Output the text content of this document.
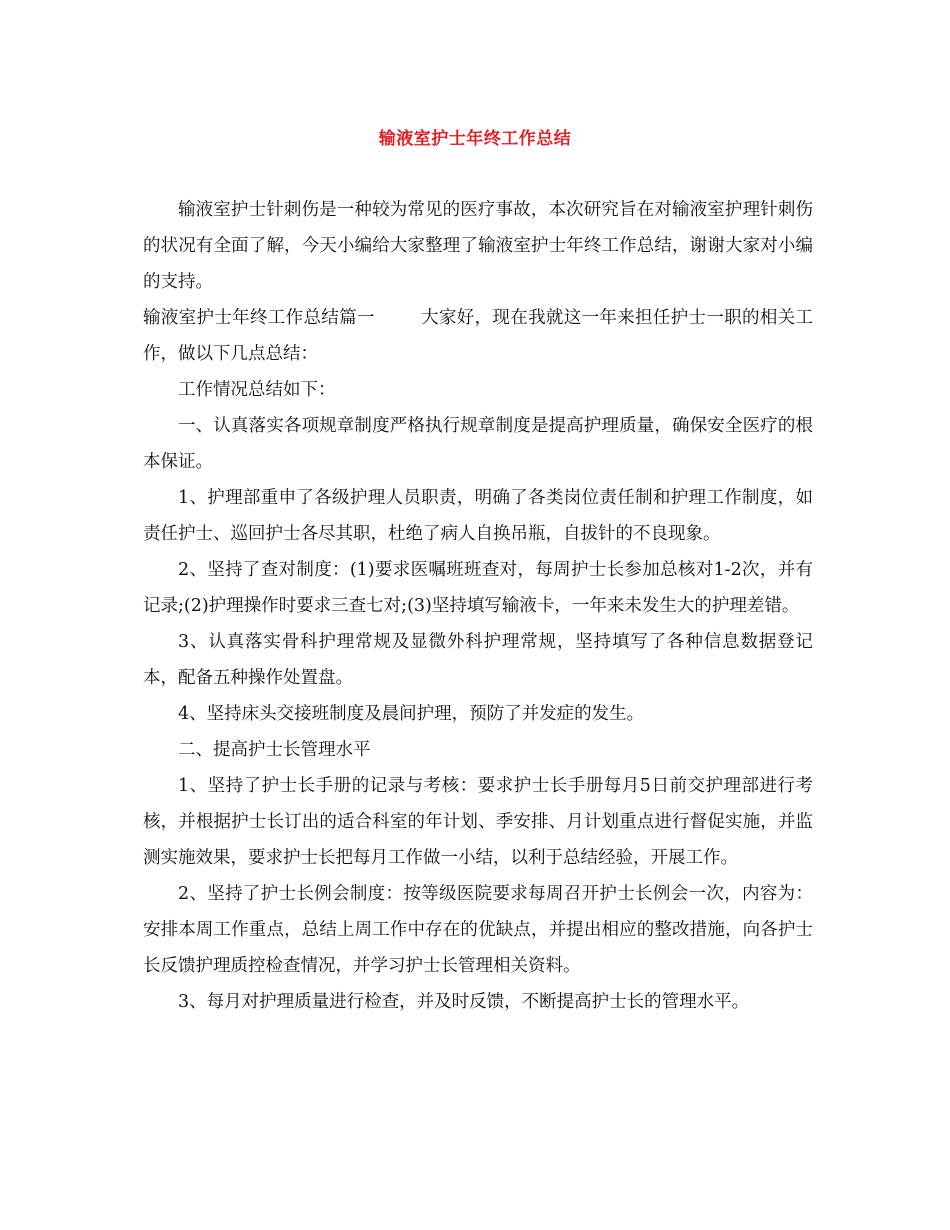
输液室护士年终工作总结

输液室护士针刺伤是一种较为常见的医疗事故，本次研究旨在对输液室护理针刺伤的状况有全面了解，今天小编给大家整理了输液室护士年终工作总结，谢谢大家对小编的支持。

输液室护士年终工作总结篇一	大家好，现在我就这一年来担任护士一职的相关工作，做以下几点总结：

工作情况总结如下：

一、认真落实各项规章制度严格执行规章制度是提高护理质量，确保安全医疗的根本保证。

1、护理部重申了各级护理人员职责，明确了各类岗位责任制和护理工作制度，如责任护士、巡回护士各尽其职，杜绝了病人自换吊瓶，自拔针的不良现象。

2、坚持了查对制度：(1)要求医嘱班班查对，每周护士长参加总核对1-2次，并有记录;(2)护理操作时要求三查七对;(3)坚持填写输液卡，一年来未发生大的护理差错。

3、认真落实骨科护理常规及显微外科护理常规，坚持填写了各种信息数据登记本，配备五种操作处置盘。

4、坚持床头交接班制度及晨间护理，预防了并发症的发生。

二、提高护士长管理水平

1、坚持了护士长手册的记录与考核：要求护士长手册每月5日前交护理部进行考核，并根据护士长订出的适合科室的年计划、季安排、月计划重点进行督促实施，并监测实施效果，要求护士长把每月工作做一小结，以利于总结经验，开展工作。

2、坚持了护士长例会制度：按等级医院要求每周召开护士长例会一次，内容为：安排本周工作重点，总结上周工作中存在的优缺点，并提出相应的整改措施，向各护士长反馈护理质控检查情况，并学习护士长管理相关资料。

3、每月对护理质量进行检查，并及时反馈，不断提高护士长的管理水平。
